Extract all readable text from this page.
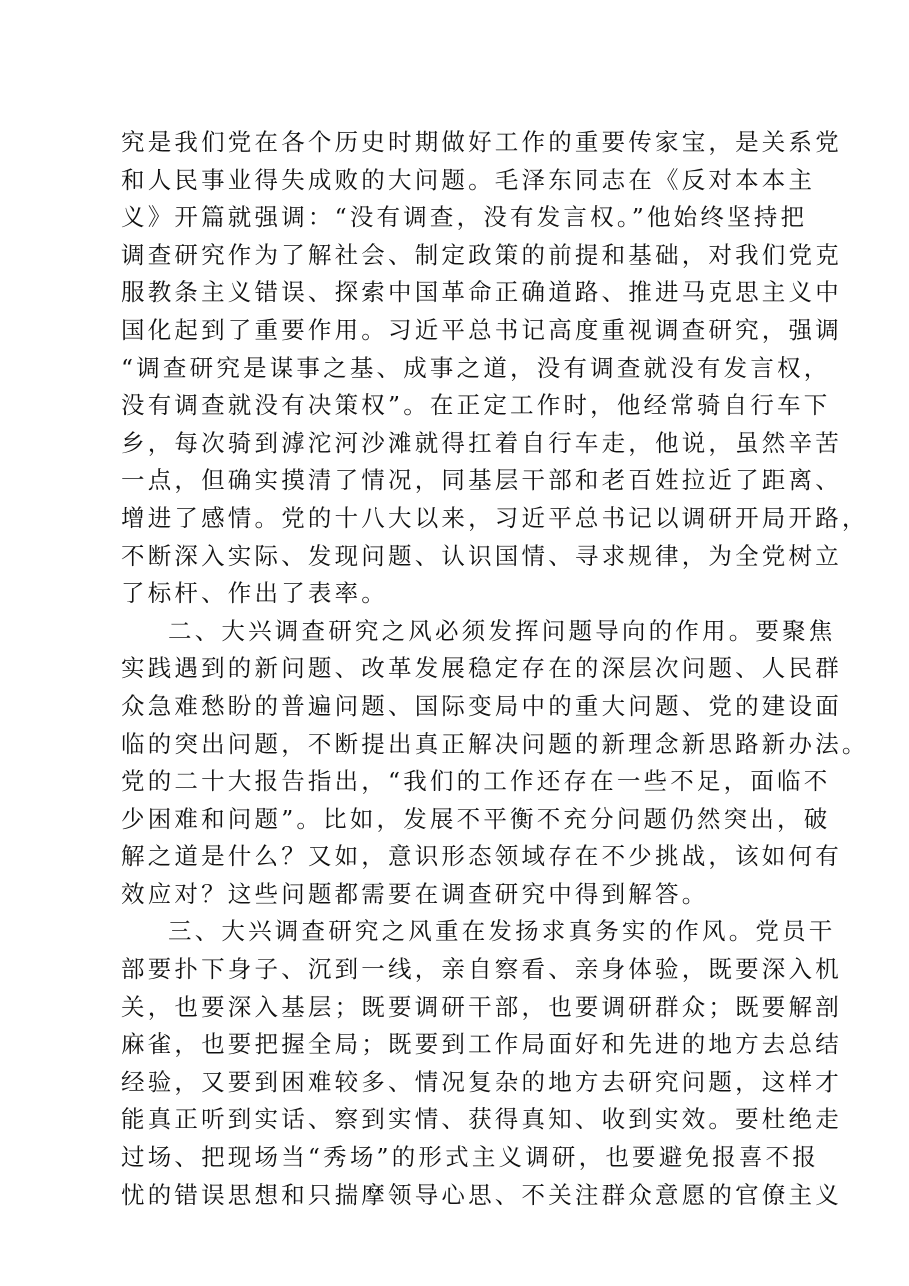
究是我们党在各个历史时期做好工作的重要传家宝，是关系党
和人民事业得失成败的大问题。毛泽东同志在《反对本本主
义》开篇就强调：“没有调查，没有发言权。”他始终坚持把
调查研究作为了解社会、制定政策的前提和基础，对我们党克
服教条主义错误、探索中国革命正确道路、推进马克思主义中
国化起到了重要作用。习近平总书记高度重视调查研究，强调
“调查研究是谋事之基、成事之道，没有调查就没有发言权，
没有调查就没有决策权”。在正定工作时，他经常骑自行车下
乡，每次骑到滹沱河沙滩就得扛着自行车走，他说，虽然辛苦
一点，但确实摸清了情况，同基层干部和老百姓拉近了距离、
增进了感情。党的十八大以来，习近平总书记以调研开局开路，
不断深入实际、发现问题、认识国情、寻求规律，为全党树立
了标杆、作出了表率。
二、大兴调查研究之风必须发挥问题导向的作用。要聚焦
实践遇到的新问题、改革发展稳定存在的深层次问题、人民群
众急难愁盼的普遍问题、国际变局中的重大问题、党的建设面
临的突出问题，不断提出真正解决问题的新理念新思路新办法。
党的二十大报告指出，“我们的工作还存在一些不足，面临不
少困难和问题”。比如，发展不平衡不充分问题仍然突出，破
解之道是什么？又如，意识形态领域存在不少挑战，该如何有
效应对？这些问题都需要在调查研究中得到解答。
三、大兴调查研究之风重在发扬求真务实的作风。党员干
部要扑下身子、沉到一线，亲自察看、亲身体验，既要深入机
关，也要深入基层；既要调研干部，也要调研群众；既要解剖
麻雀，也要把握全局；既要到工作局面好和先进的地方去总结
经验，又要到困难较多、情况复杂的地方去研究问题，这样才
能真正听到实话、察到实情、获得真知、收到实效。要杜绝走
过场、把现场当“秀场”的形式主义调研，也要避免报喜不报
忧的错误思想和只揣摩领导心思、不关注群众意愿的官僚主义
